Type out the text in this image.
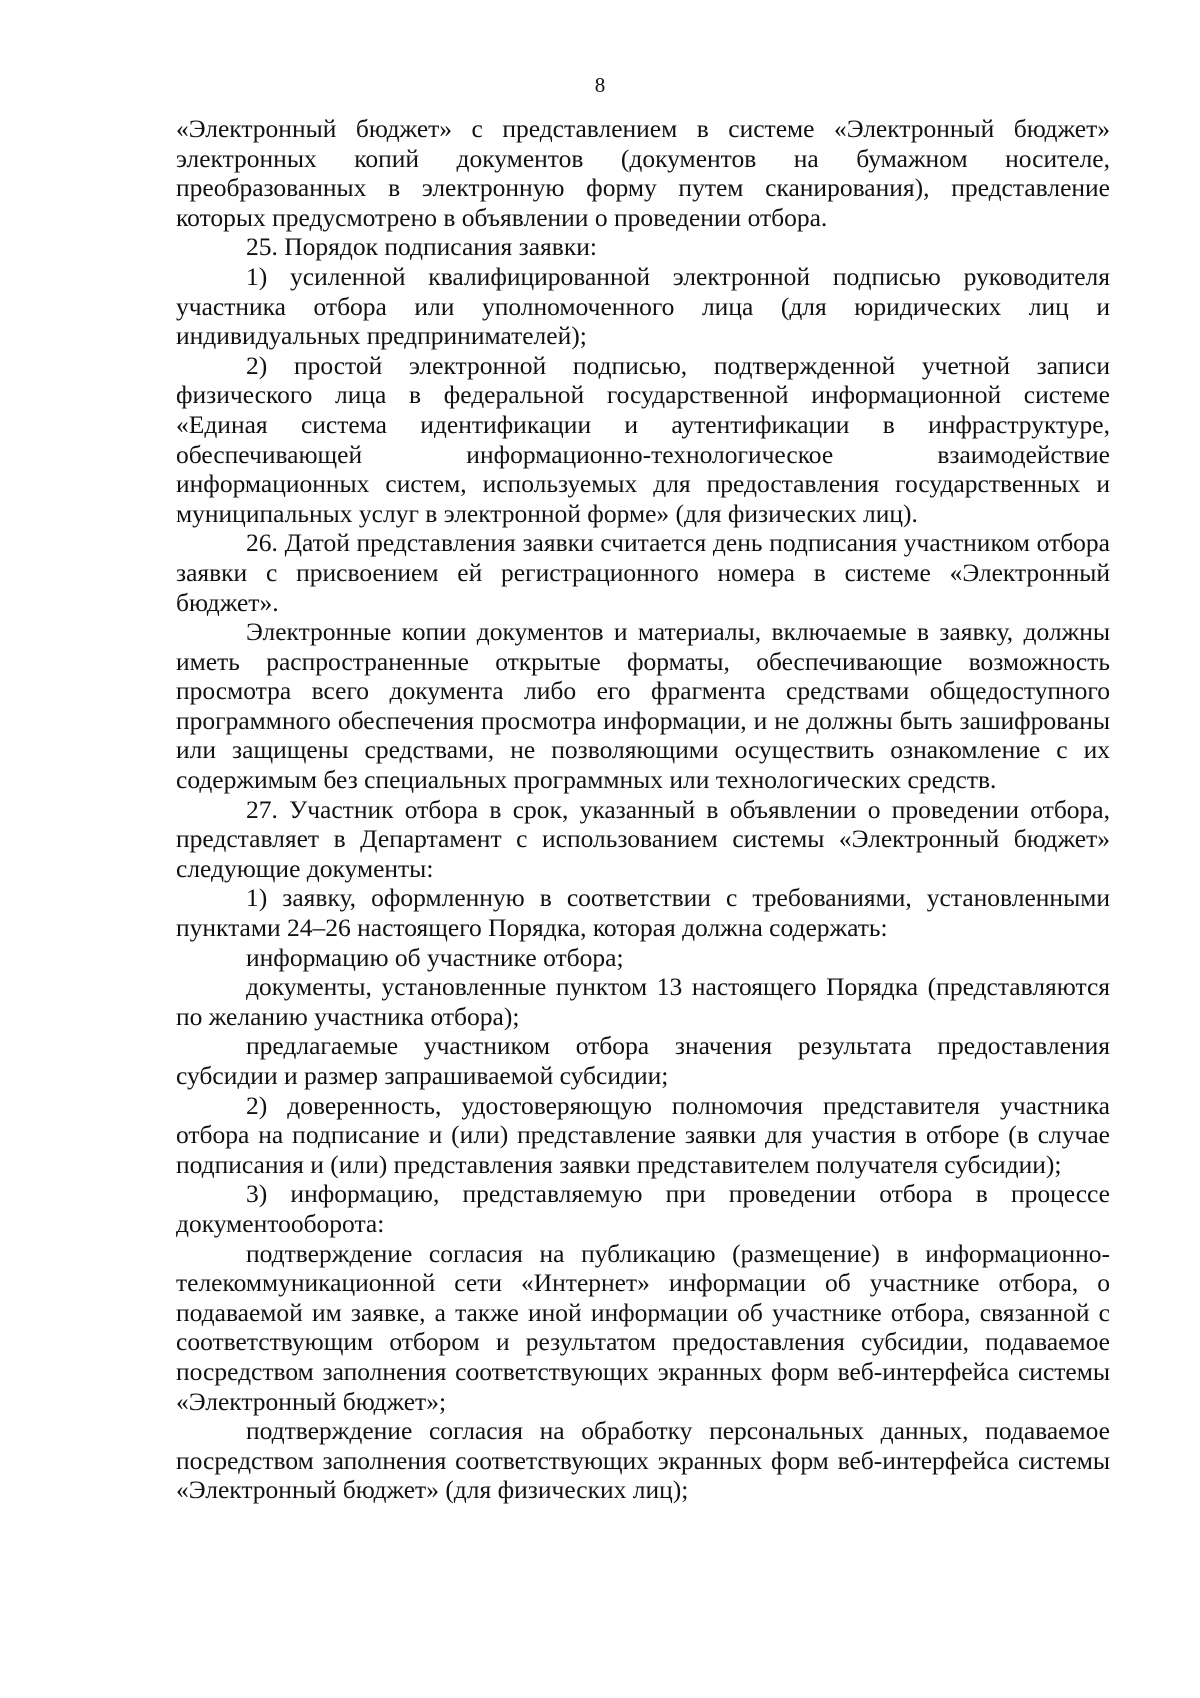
8

«Электронный бюджет» с представлением в системе «Электронный бюджет» электронных копий документов (документов на бумажном носителе, преобразованных в электронную форму путем сканирования), представление которых предусмотрено в объявлении о проведении отбора.

25. Порядок подписания заявки:

1) усиленной квалифицированной электронной подписью руководителя участника отбора или уполномоченного лица (для юридических лиц и индивидуальных предпринимателей);

2) простой электронной подписью, подтвержденной учетной записи физического лица в федеральной государственной информационной системе «Единая система идентификации и аутентификации в инфраструктуре, обеспечивающей информационно-технологическое взаимодействие информационных систем, используемых для предоставления государственных и муниципальных услуг в электронной форме» (для физических лиц).

26. Датой представления заявки считается день подписания участником отбора заявки с присвоением ей регистрационного номера в системе «Электронный бюджет».

Электронные копии документов и материалы, включаемые в заявку, должны иметь распространенные открытые форматы, обеспечивающие возможность просмотра всего документа либо его фрагмента средствами общедоступного программного обеспечения просмотра информации, и не должны быть зашифрованы или защищены средствами, не позволяющими осуществить ознакомление с их содержимым без специальных программных или технологических средств.

27. Участник отбора в срок, указанный в объявлении о проведении отбора, представляет в Департамент с использованием системы «Электронный бюджет» следующие документы:

1) заявку, оформленную в соответствии с требованиями, установленными пунктами 24–26 настоящего Порядка, которая должна содержать:

информацию об участнике отбора;

документы, установленные пунктом 13 настоящего Порядка (представляются по желанию участника отбора);

предлагаемые участником отбора значения результата предоставления субсидии и размер запрашиваемой субсидии;

2) доверенность, удостоверяющую полномочия представителя участника отбора на подписание и (или) представление заявки для участия в отборе (в случае подписания и (или) представления заявки представителем получателя субсидии);

3) информацию, представляемую при проведении отбора в процессе документооборота:

подтверждение согласия на публикацию (размещение) в информационно-телекоммуникационной сети «Интернет» информации об участнике отбора, о подаваемой им заявке, а также иной информации об участнике отбора, связанной с соответствующим отбором и результатом предоставления субсидии, подаваемое посредством заполнения соответствующих экранных форм веб-интерфейса системы «Электронный бюджет»;

подтверждение согласия на обработку персональных данных, подаваемое посредством заполнения соответствующих экранных форм веб-интерфейса системы «Электронный бюджет» (для физических лиц);
